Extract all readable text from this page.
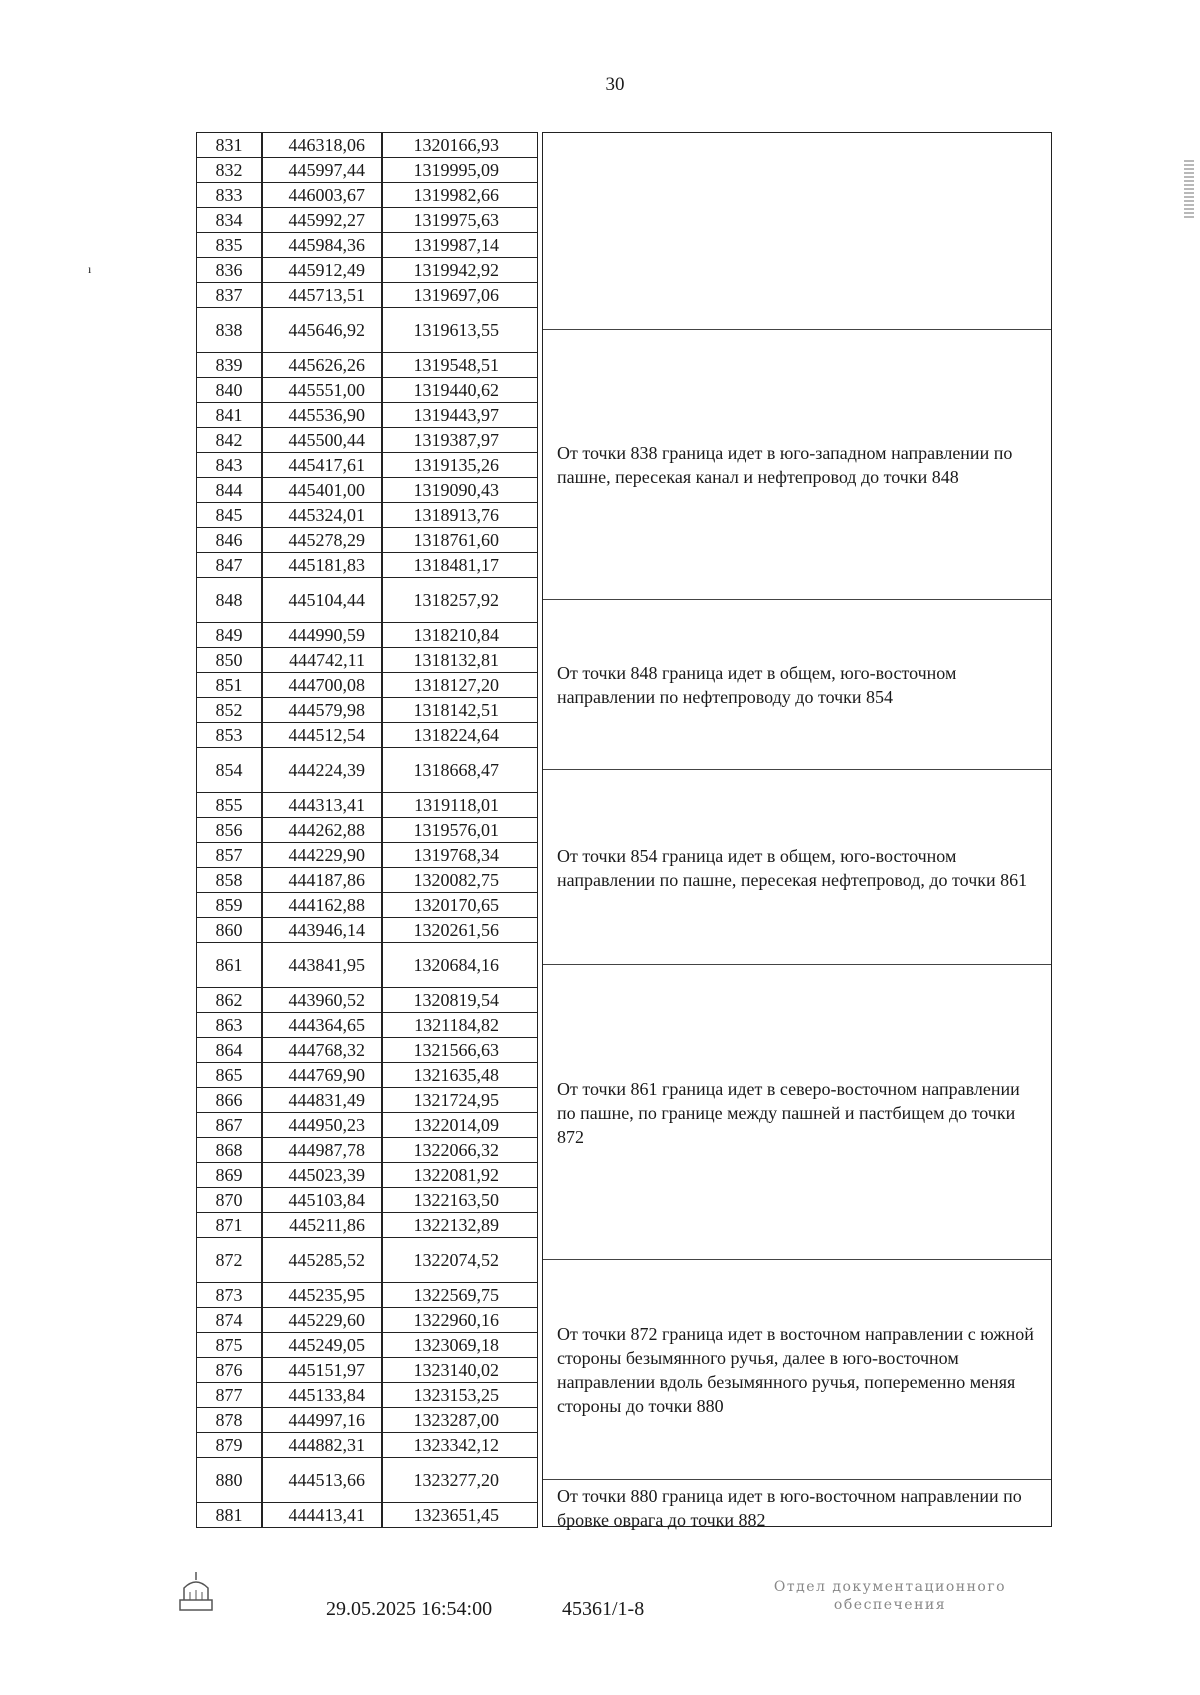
30
ı
831	446318,06	1320166,93
832	445997,44	1319995,09
833	446003,67	1319982,66
834	445992,27	1319975,63
835	445984,36	1319987,14
836	445912,49	1319942,92
837	445713,51	1319697,06
838	445646,92	1319613,55
839	445626,26	1319548,51
840	445551,00	1319440,62
841	445536,90	1319443,97
842	445500,44	1319387,97
843	445417,61	1319135,26
844	445401,00	1319090,43
845	445324,01	1318913,76
846	445278,29	1318761,60
847	445181,83	1318481,17
848	445104,44	1318257,92
849	444990,59	1318210,84
850	444742,11	1318132,81
851	444700,08	1318127,20
852	444579,98	1318142,51
853	444512,54	1318224,64
854	444224,39	1318668,47
855	444313,41	1319118,01
856	444262,88	1319576,01
857	444229,90	1319768,34
858	444187,86	1320082,75
859	444162,88	1320170,65
860	443946,14	1320261,56
861	443841,95	1320684,16
862	443960,52	1320819,54
863	444364,65	1321184,82
864	444768,32	1321566,63
865	444769,90	1321635,48
866	444831,49	1321724,95
867	444950,23	1322014,09
868	444987,78	1322066,32
869	445023,39	1322081,92
870	445103,84	1322163,50
871	445211,86	1322132,89
872	445285,52	1322074,52
873	445235,95	1322569,75
874	445229,60	1322960,16
875	445249,05	1323069,18
876	445151,97	1323140,02
877	445133,84	1323153,25
878	444997,16	1323287,00
879	444882,31	1323342,12
880	444513,66	1323277,20
881	444413,41	1323651,45
От точки 838 граница идет в юго-западном направлении по пашне, пересекая канал и нефтепровод до точки 848
От точки 848 граница идет в общем, юго-восточном направлении по нефтепроводу до точки 854
От точки 854 граница идет в общем, юго-восточном направлении по пашне, пересекая нефтепровод, до точки 861
От точки 861 граница идет в северо-восточном направлении по пашне, по границе между пашней и пастбищем до точки 872
От точки 872 граница идет в восточном направлении с южной стороны безымянного ручья, далее в юго-восточном направлении вдоль безымянного ручья, попеременно меняя стороны до точки 880
От точки 880 граница идет в юго-восточном направлении по бровке оврага до точки 882
29.05.2025 16:54:00	45361/1-8
Отдел документационного
обеспечения
